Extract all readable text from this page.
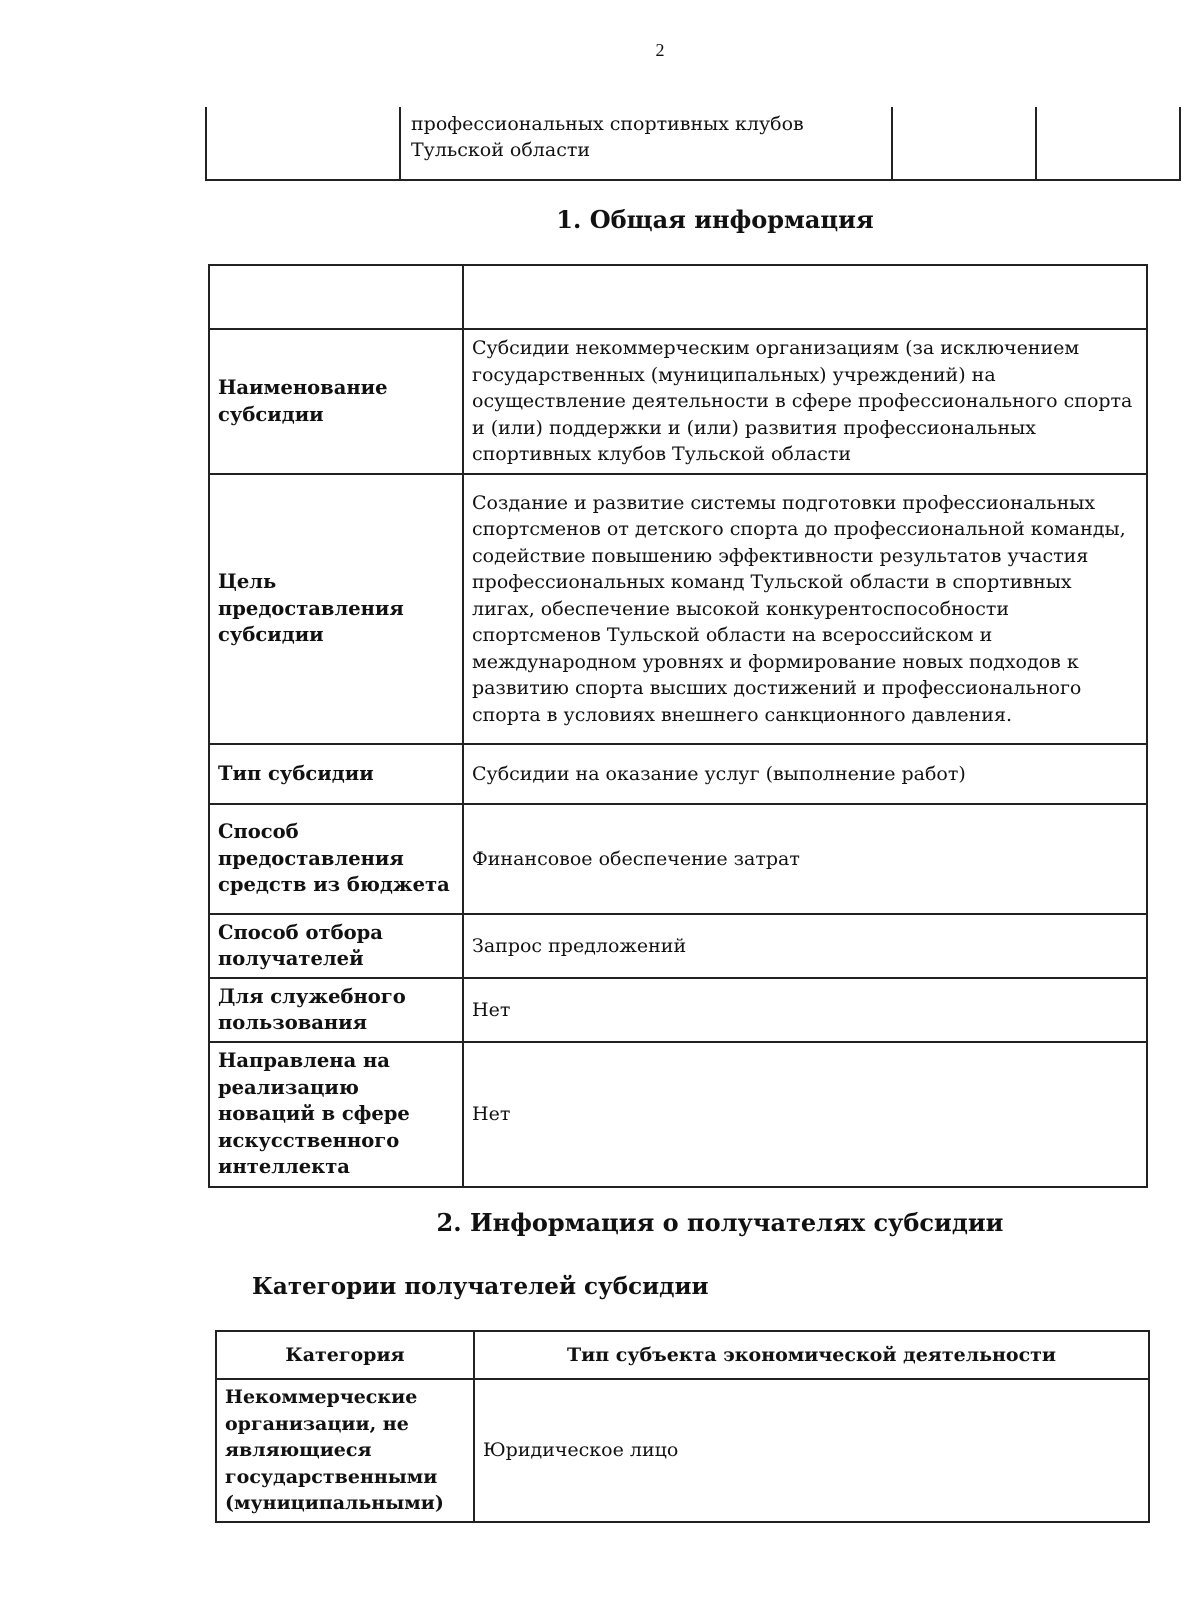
2
	профессиональных спортивных клубов Тульской области		
1. Общая информация

Наименование субсидии	Субсидии некоммерческим организациям (за исключением государственных (муниципальных) учреждений) на осуществление деятельности в сфере профессионального спорта и (или) поддержки и (или) развития профессиональных спортивных клубов Тульской области
Цель предоставления субсидии	Создание и развитие системы подготовки профессиональных спортсменов от детского спорта до профессиональной команды, содействие повышению эффективности результатов участия профессиональных команд Тульской области в спортивных лигах, обеспечение высокой конкурентоспособности спортсменов Тульской области на всероссийском и международном уровнях и формирование новых подходов к развитию спорта высших достижений и профессионального спорта в условиях внешнего санкционного давления.
Тип субсидии	Субсидии на оказание услуг (выполнение работ)
Способ предоставления средств из бюджета	Финансовое обеспечение затрат
Способ отбора получателей	Запрос предложений
Для служебного пользования	Нет
Направлена на реализацию новаций в сфере искусственного интеллекта	Нет
2. Информация о получателях субсидии
Категории получателей субсидии
Категория	Тип субъекта экономической деятельности
Некоммерческие организации, не являющиеся государственными (муниципальными)	Юридическое лицо
